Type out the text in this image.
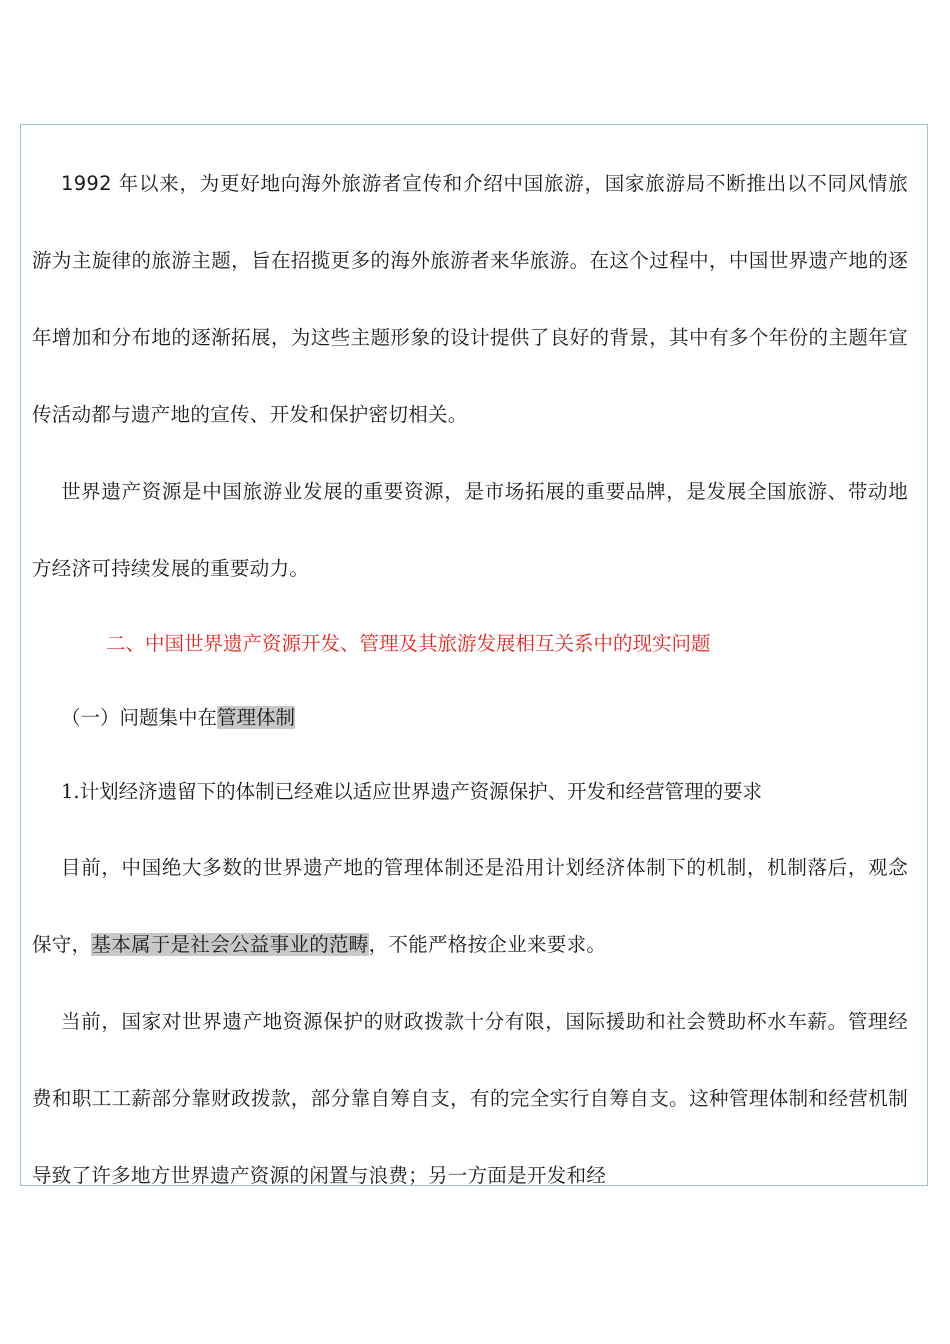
1992 年以来，为更好地向海外旅游者宣传和介绍中国旅游，国家旅游局不断推出以不同风情旅游为主旋律的旅游主题，旨在招揽更多的海外旅游者来华旅游。在这个过程中，中国世界遗产地的逐年增加和分布地的逐渐拓展，为这些主题形象的设计提供了良好的背景，其中有多个年份的主题年宣传活动都与遗产地的宣传、开发和保护密切相关。

世界遗产资源是中国旅游业发展的重要资源，是市场拓展的重要品牌，是发展全国旅游、带动地方经济可持续发展的重要动力。

二、中国世界遗产资源开发、管理及其旅游发展相互关系中的现实问题

（一）问题集中在管理体制

1.计划经济遗留下的体制已经难以适应世界遗产资源保护、开发和经营管理的要求

目前，中国绝大多数的世界遗产地的管理体制还是沿用计划经济体制下的机制，机制落后，观念保守，基本属于是社会公益事业的范畴，不能严格按企业来要求。

当前，国家对世界遗产地资源保护的财政拨款十分有限，国际援助和社会赞助杯水车薪。管理经费和职工工薪部分靠财政拨款，部分靠自筹自支，有的完全实行自筹自支。这种管理体制和经营机制导致了许多地方世界遗产资源的闲置与浪费；另一方面是开发和经
